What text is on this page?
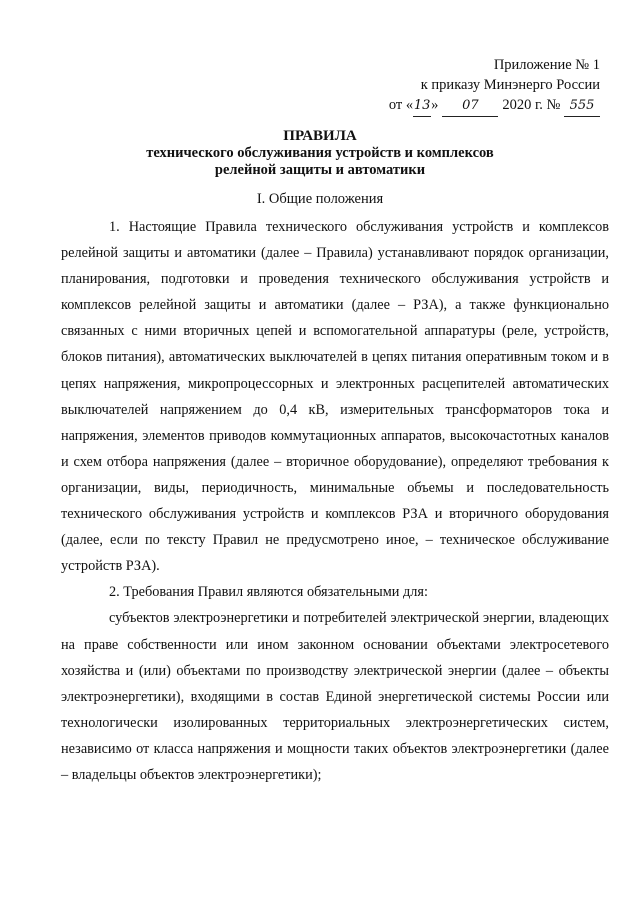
Приложение № 1
к приказу Минэнерго России
от «13» 07 2020 г. № 555
ПРАВИЛА
технического обслуживания устройств и комплексов
релейной защиты и автоматики
I. Общие положения

1. Настоящие Правила технического обслуживания устройств и комплексов релейной защиты и автоматики (далее – Правила) устанавливают порядок организации, планирования, подготовки и проведения технического обслуживания устройств и комплексов релейной защиты и автоматики (далее – РЗА), а также функционально связанных с ними вторичных цепей и вспомогательной аппаратуры (реле, устройств, блоков питания), автоматических выключателей в цепях питания оперативным током и в цепях напряжения, микропроцессорных и электронных расцепителей автоматических выключателей напряжением до 0,4 кВ, измерительных трансформаторов тока и напряжения, элементов приводов коммутационных аппаратов, высокочастотных каналов и схем отбора напряжения (далее – вторичное оборудование), определяют требования к организации, виды, периодичность, минимальные объемы и последовательность технического обслуживания устройств и комплексов РЗА и вторичного оборудования (далее, если по тексту Правил не предусмотрено иное, – техническое обслуживание устройств РЗА).

2. Требования Правил являются обязательными для:

субъектов электроэнергетики и потребителей электрической энергии, владеющих на праве собственности или ином законном основании объектами электросетевого хозяйства и (или) объектами по производству электрической энергии (далее – объекты электроэнергетики), входящими в состав Единой энергетической системы России или технологически изолированных территориальных электроэнергетических систем, независимо от класса напряжения и мощности таких объектов электроэнергетики (далее – владельцы объектов электроэнергетики);
